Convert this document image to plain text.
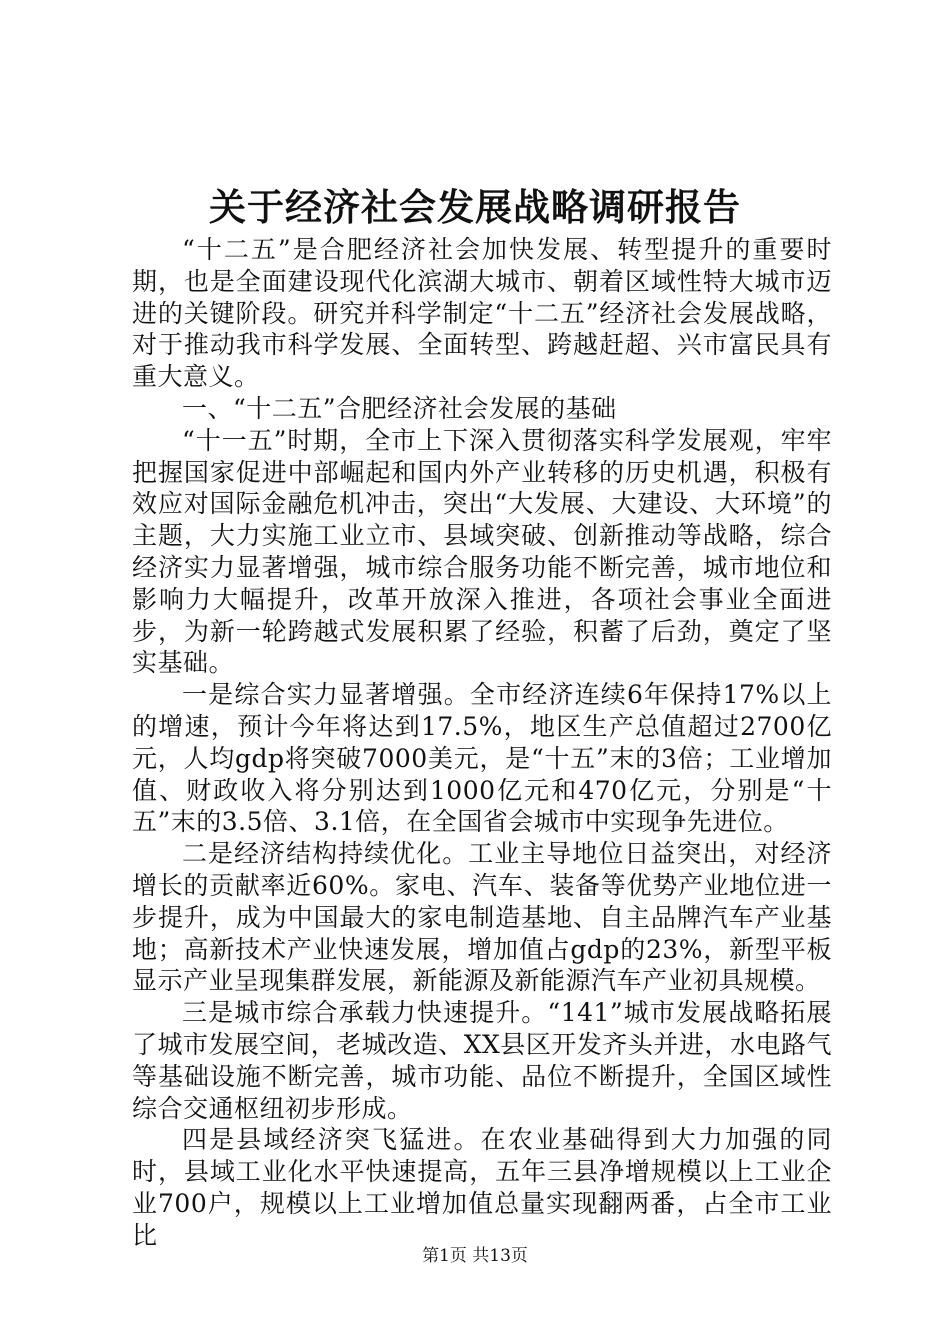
关于经济社会发展战略调研报告

“十二五”是合肥经济社会加快发展、转型提升的重要时期，也是全面建设现代化滨湖大城市、朝着区域性特大城市迈进的关键阶段。研究并科学制定“十二五”经济社会发展战略，对于推动我市科学发展、全面转型、跨越赶超、兴市富民具有重大意义。

一、“十二五”合肥经济社会发展的基础

“十一五”时期，全市上下深入贯彻落实科学发展观，牢牢把握国家促进中部崛起和国内外产业转移的历史机遇，积极有效应对国际金融危机冲击，突出“大发展、大建设、大环境”的主题，大力实施工业立市、县域突破、创新推动等战略，综合经济实力显著增强，城市综合服务功能不断完善，城市地位和影响力大幅提升，改革开放深入推进，各项社会事业全面进步，为新一轮跨越式发展积累了经验，积蓄了后劲，奠定了坚实基础。

一是综合实力显著增强。全市经济连续6年保持17%以上的增速，预计今年将达到17.5%，地区生产总值超过2700亿元，人均gdp将突破7000美元，是“十五”末的3倍；工业增加值、财政收入将分别达到1000亿元和470亿元，分别是“十五”末的3.5倍、3.1倍，在全国省会城市中实现争先进位。

二是经济结构持续优化。工业主导地位日益突出，对经济增长的贡献率近60%。家电、汽车、装备等优势产业地位进一步提升，成为中国最大的家电制造基地、自主品牌汽车产业基地；高新技术产业快速发展，增加值占gdp的23%，新型平板显示产业呈现集群发展，新能源及新能源汽车产业初具规模。

三是城市综合承载力快速提升。“141”城市发展战略拓展了城市发展空间，老城改造、XX县区开发齐头并进，水电路气等基础设施不断完善，城市功能、品位不断提升，全国区域性综合交通枢纽初步形成。

四是县域经济突飞猛进。在农业基础得到大力加强的同时，县域工业化水平快速提高，五年三县净增规模以上工业企业700户，规模以上工业增加值总量实现翻两番，占全市工业比

第1页 共13页
